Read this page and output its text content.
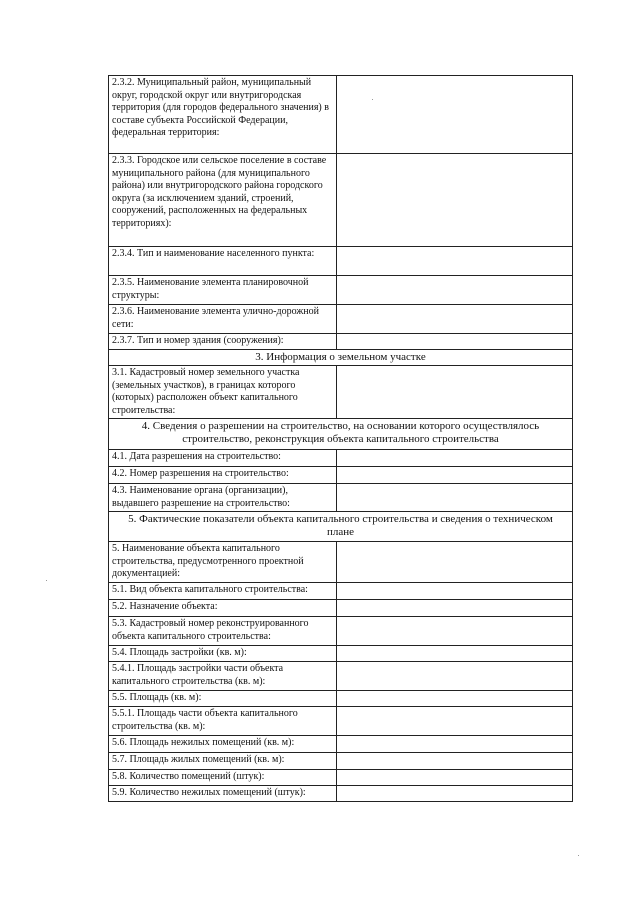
2.3.2. Муниципальный район, муниципальный округ, городской округ или внутригородская территория (для городов федерального значения) в составе субъекта Российской Федерации, федеральная территория:	
2.3.3. Городское или сельское поселение в составе муниципального района (для муниципального района) или внутригородского района городского округа (за исключением зданий, строений, сооружений, расположенных на федеральных территориях):	
2.3.4. Тип и наименование населенного пункта:	
2.3.5. Наименование элемента планировочной структуры:	
2.3.6. Наименование элемента улично-дорожной сети:	
2.3.7. Тип и номер здания (сооружения):	
3. Информация о земельном участке	
3.1. Кадастровый номер земельного участка (земельных участков), в границах которого (которых) расположен объект капитального строительства:	
4. Сведения о разрешении на строительство, на основании которого осуществлялось строительство, реконструкция объекта капитального строительства	
4.1. Дата разрешения на строительство:	
4.2. Номер разрешения на строительство:	
4.3. Наименование органа (организации), выдавшего разрешение на строительство:	
5. Фактические показатели объекта капитального строительства и сведения о техническом плане	
5. Наименование объекта капитального строительства, предусмотренного проектной документацией:	
5.1. Вид объекта капитального строительства:	
5.2. Назначение объекта:	
5.3. Кадастровый номер реконструированного объекта капитального строительства:	
5.4. Площадь застройки (кв. м):	
5.4.1. Площадь застройки части объекта капитального строительства (кв. м):	
5.5. Площадь (кв. м):	
5.5.1. Площадь части объекта капитального строительства (кв. м):	
5.6. Площадь нежилых помещений (кв. м):	
5.7. Площадь жилых помещений (кв. м):	
5.8. Количество помещений (штук):	
5.9. Количество нежилых помещений (штук):	
